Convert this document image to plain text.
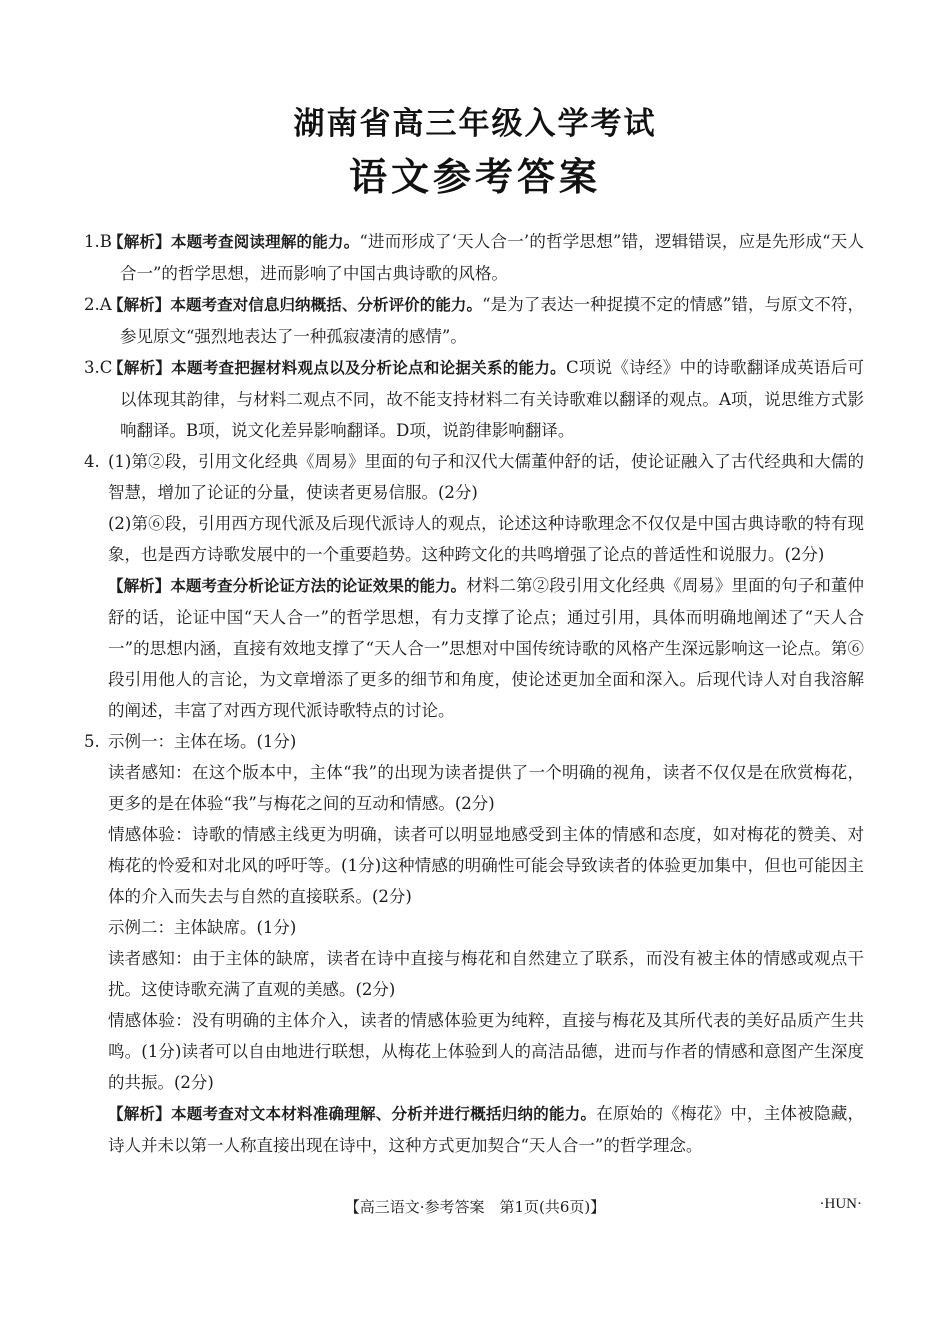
湖南省高三年级入学考试
语文参考答案
1.B

【解析】本题考查阅读理解的能力。“进而形成了‘天人合一’的哲学思想”错，逻辑错误，应是先形成“天人合一”的哲学思想，进而影响了中国古典诗歌的风格。

2.A

【解析】本题考查对信息归纳概括、分析评价的能力。“是为了表达一种捉摸不定的情感”错，与原文不符，参见原文“强烈地表达了一种孤寂凄清的感情”。

3.C

【解析】本题考查把握材料观点以及分析论点和论据关系的能力。C项说《诗经》中的诗歌翻译成英语后可以体现其韵律，与材料二观点不同，故不能支持材料二有关诗歌难以翻译的观点。A项，说思维方式影响翻译。B项，说文化差异影响翻译。D项，说韵律影响翻译。

4. (1)第②段，引用文化经典《周易》里面的句子和汉代大儒董仲舒的话，使论证融入了古代经典和大儒的智慧，增加了论证的分量，使读者更易信服。(2分)

(2)第⑥段，引用西方现代派及后现代派诗人的观点，论述这种诗歌理念不仅仅是中国古典诗歌的特有现象，也是西方诗歌发展中的一个重要趋势。这种跨文化的共鸣增强了论点的普适性和说服力。(2分)

【解析】本题考查分析论证方法的论证效果的能力。材料二第②段引用文化经典《周易》里面的句子和董仲舒的话，论证中国“天人合一”的哲学思想，有力支撑了论点；通过引用，具体而明确地阐述了“天人合一”的思想内涵，直接有效地支撑了“天人合一”思想对中国传统诗歌的风格产生深远影响这一论点。第⑥段引用他人的言论，为文章增添了更多的细节和角度，使论述更加全面和深入。后现代诗人对自我溶解的阐述，丰富了对西方现代派诗歌特点的讨论。

5. 示例一：主体在场。(1分)

读者感知：在这个版本中，主体“我”的出现为读者提供了一个明确的视角，读者不仅仅是在欣赏梅花，更多的是在体验“我”与梅花之间的互动和情感。(2分)

情感体验：诗歌的情感主线更为明确，读者可以明显地感受到主体的情感和态度，如对梅花的赞美、对梅花的怜爱和对北风的呼吁等。(1分)这种情感的明确性可能会导致读者的体验更加集中，但也可能因主体的介入而失去与自然的直接联系。(2分)

示例二：主体缺席。(1分)

读者感知：由于主体的缺席，读者在诗中直接与梅花和自然建立了联系，而没有被主体的情感或观点干扰。这使诗歌充满了直观的美感。(2分)

情感体验：没有明确的主体介入，读者的情感体验更为纯粹，直接与梅花及其所代表的美好品质产生共鸣。(1分)读者可以自由地进行联想，从梅花上体验到人的高洁品德，进而与作者的情感和意图产生深度的共振。(2分)

【解析】本题考查对文本材料准确理解、分析并进行概括归纳的能力。在原始的《梅花》中，主体被隐藏，诗人并未以第一人称直接出现在诗中，这种方式更加契合“天人合一”的哲学理念。

【高三语文·参考答案　第1页(共6页)】	·HUN·
